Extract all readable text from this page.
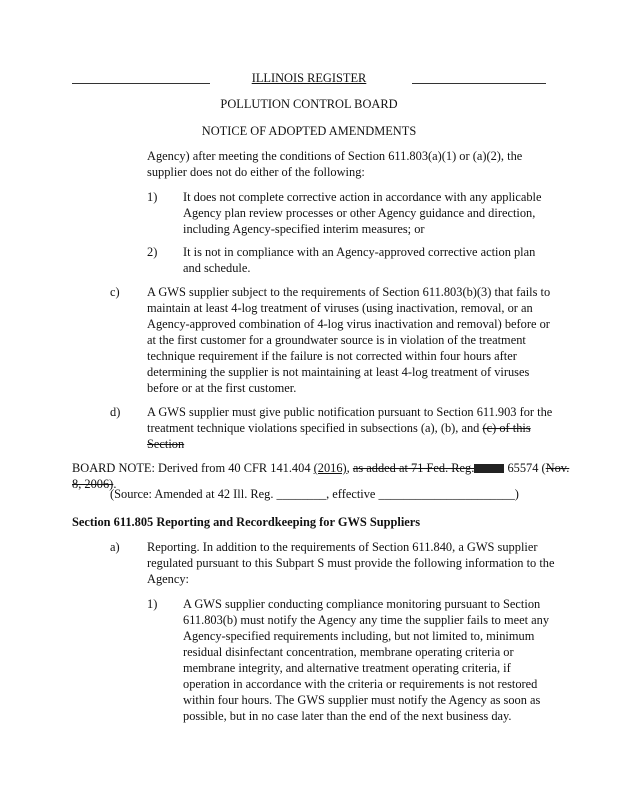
ILLINOIS REGISTER
POLLUTION CONTROL BOARD
NOTICE OF ADOPTED AMENDMENTS
Agency) after meeting the conditions of Section 611.803(a)(1) or (a)(2), the
supplier does not do either of the following:
1) It does not complete corrective action in accordance with any applicable
Agency plan review processes or other Agency guidance and direction,
including Agency-specified interim measures; or
2) It is not in compliance with an Agency-approved corrective action plan
and schedule.
c) A GWS supplier subject to the requirements of Section 611.803(b)(3) that fails to
maintain at least 4-log treatment of viruses (using inactivation, removal, or an
Agency-approved combination of 4-log virus inactivation and removal) before or
at the first customer for a groundwater source is in violation of the treatment
technique requirement if the failure is not corrected within four hours after
determining the supplier is not maintaining at least 4-log treatment of viruses
before or at the first customer.
d) A GWS supplier must give public notification pursuant to Section 611.903 for the
treatment technique violations specified in subsections (a), (b), and (c) of this
Section
BOARD NOTE: Derived from 40 CFR 141.404 (2016), as added at 71 Fed. Reg. 65574 (Nov.
8, 2006).
(Source: Amended at 42 Ill. Reg. ________, effective ______________________)
Section 611.805 Reporting and Recordkeeping for GWS Suppliers
a) Reporting. In addition to the requirements of Section 611.840, a GWS supplier
regulated pursuant to this Subpart S must provide the following information to the
Agency:
1) A GWS supplier conducting compliance monitoring pursuant to Section
611.803(b) must notify the Agency any time the supplier fails to meet any
Agency-specified requirements including, but not limited to, minimum
residual disinfectant concentration, membrane operating criteria or
membrane integrity, and alternative treatment operating criteria, if
operation in accordance with the criteria or requirements is not restored
within four hours. The GWS supplier must notify the Agency as soon as
possible, but in no case later than the end of the next business day.
